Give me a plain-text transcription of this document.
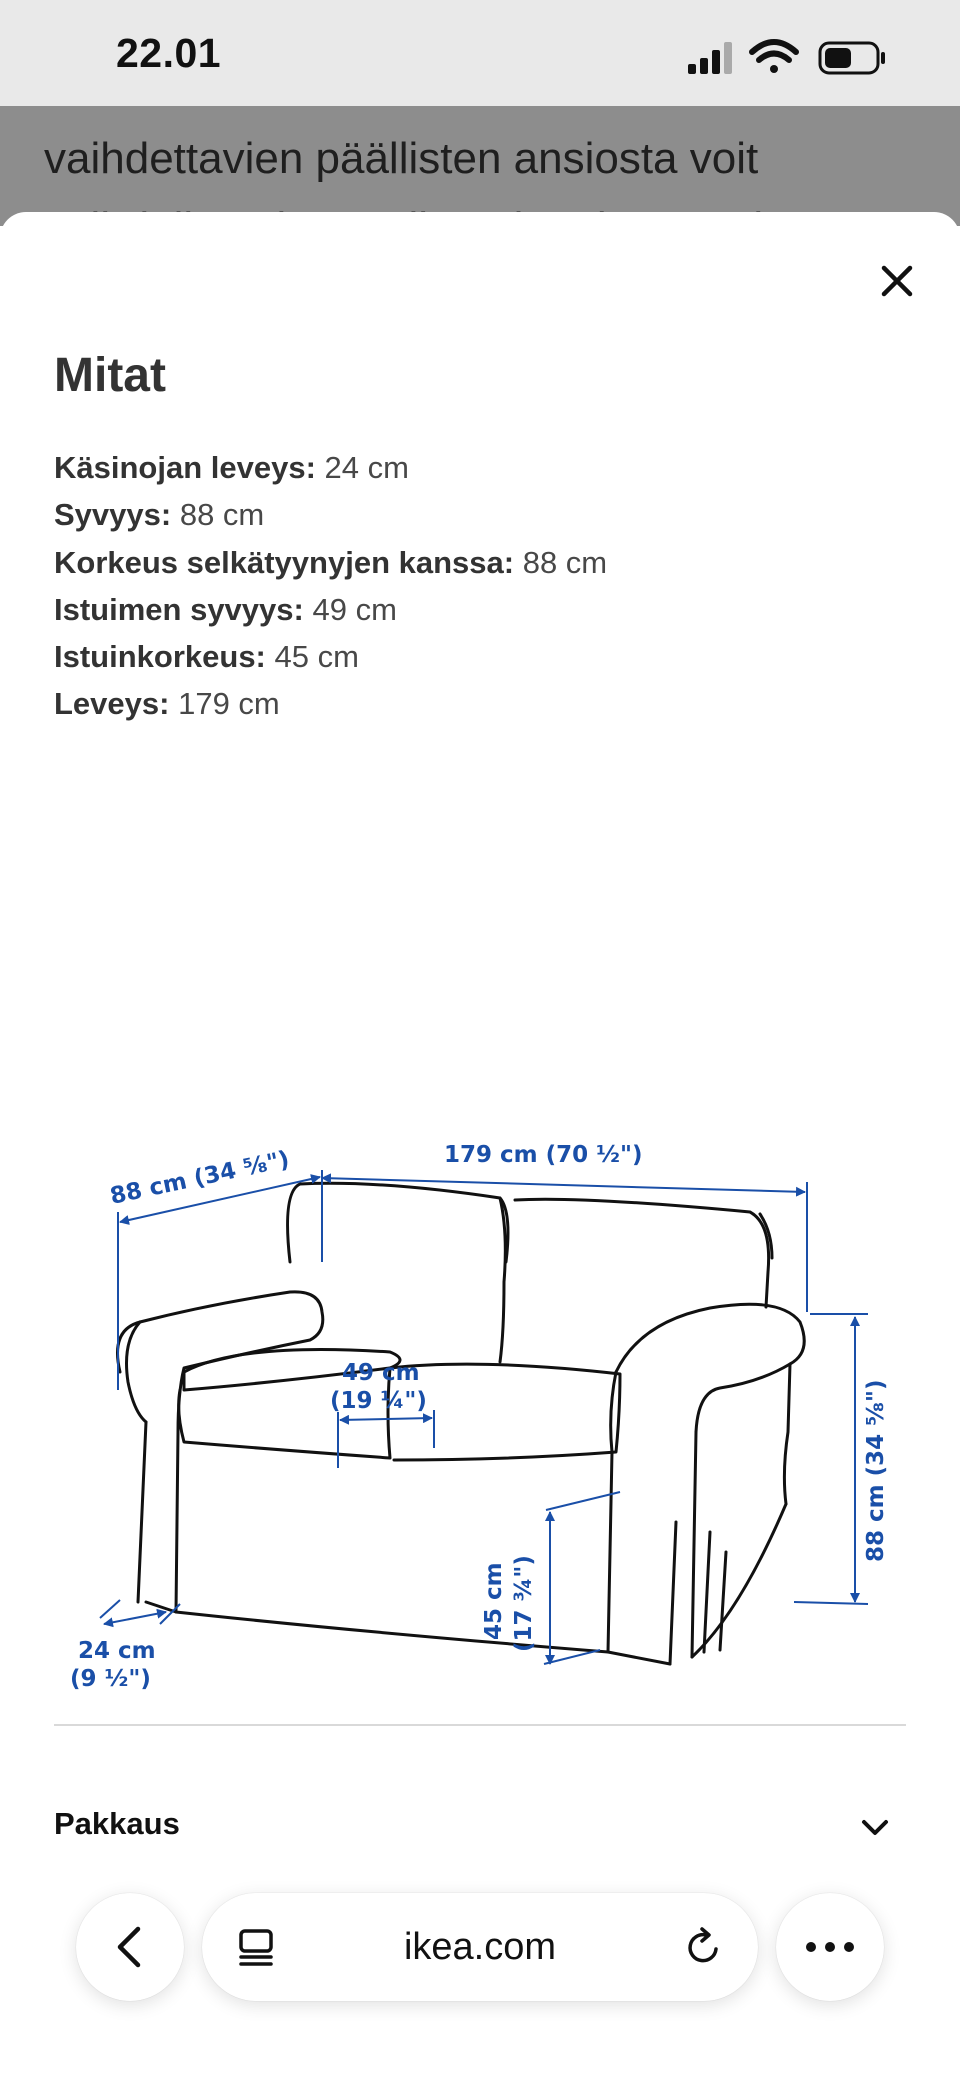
22.01
vaihdettavien päällisten ansiosta voit
Mitat
Käsinojan leveys: 24 cm
Syvyys: 88 cm
Korkeus selkätyynyjen kanssa: 88 cm
Istuimen syvyys: 49 cm
Istuinkorkeus: 45 cm
Leveys: 179 cm
88 cm (34 ⅝")	179 cm (70 ½")
49 cm
(19 ¼")	88 cm (34 ⅝")
45 cm (17 ¾")
24 cm
(9 ½")
Pakkaus
ikea.com
